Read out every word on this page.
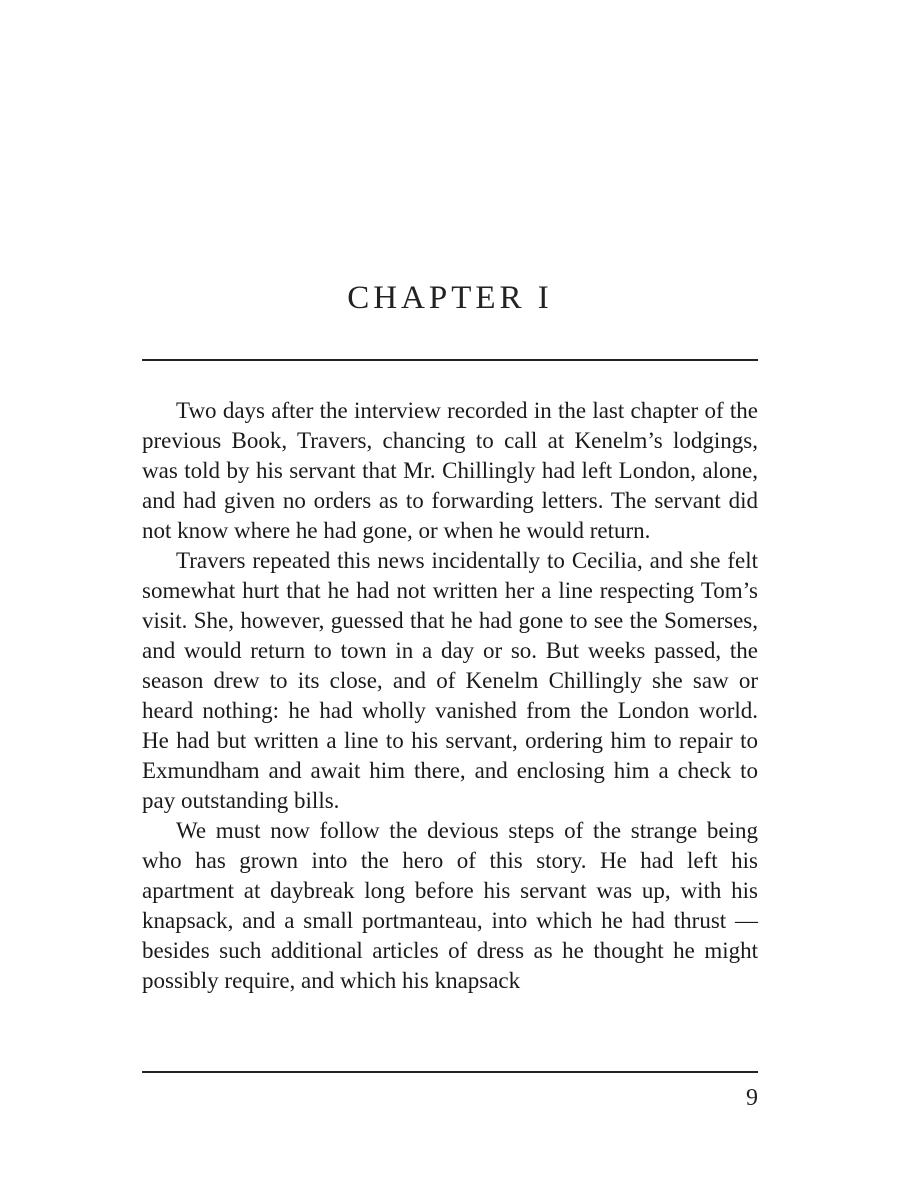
CHAPTER I

Two days after the interview recorded in the last chapter of the previous Book, Travers, chancing to call at Kenelm’s lodgings, was told by his servant that Mr. Chillingly had left London, alone, and had given no orders as to forwarding letters. The servant did not know where he had gone, or when he would return.

Travers repeated this news incidentally to Cecilia, and she felt somewhat hurt that he had not written her a line respecting Tom’s visit. She, however, guessed that he had gone to see the Somerses, and would return to town in a day or so. But weeks passed, the season drew to its close, and of Kenelm Chillingly she saw or heard nothing: he had wholly vanished from the London world. He had but written a line to his servant, ordering him to repair to Exmundham and await him there, and enclosing him a check to pay outstanding bills.

We must now follow the devious steps of the strange being who has grown into the hero of this story. He had left his apartment at daybreak long before his servant was up, with his knapsack, and a small portmanteau, into which he had thrust — besides such additional articles of dress as he thought he might possibly require, and which his knapsack

9
